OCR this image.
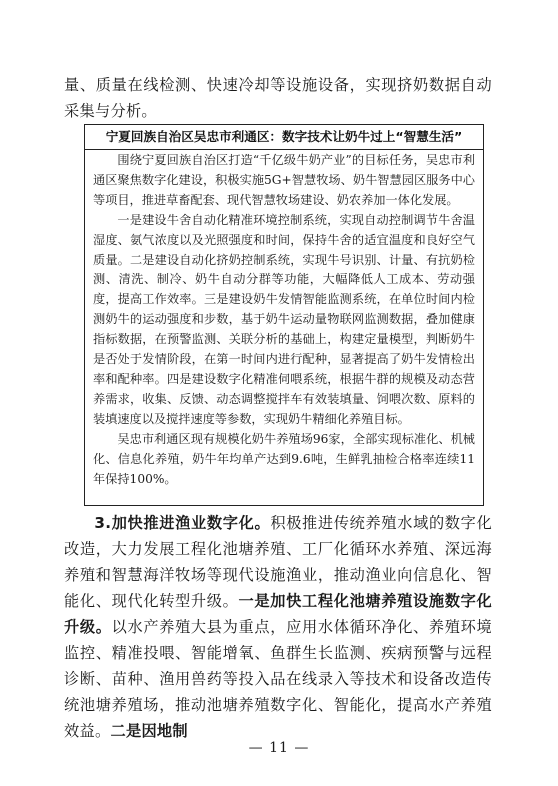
量、质量在线检测、快速冷却等设施设备，实现挤奶数据自动采集与分析。
宁夏回族自治区吴忠市利通区：数字技术让奶牛过上“智慧生活”

围绕宁夏回族自治区打造“千亿级牛奶产业”的目标任务，吴忠市利通区聚焦数字化建设，积极实施5G+智慧牧场、奶牛智慧园区服务中心等项目，推进草畜配套、现代智慧牧场建设、奶农养加一体化发展。

一是建设牛舍自动化精准环境控制系统，实现自动控制调节牛舍温湿度、氨气浓度以及光照强度和时间，保持牛舍的适宜温度和良好空气质量。二是建设自动化挤奶控制系统，实现牛号识别、计量、有抗奶检测、清洗、制冷、奶牛自动分群等功能，大幅降低人工成本、劳动强度，提高工作效率。三是建设奶牛发情智能监测系统，在单位时间内检测奶牛的运动强度和步数，基于奶牛运动量物联网监测数据，叠加健康指标数据，在预警监测、关联分析的基础上，构建定量模型，判断奶牛是否处于发情阶段，在第一时间内进行配种，显著提高了奶牛发情检出率和配种率。四是建设数字化精准伺喂系统，根据牛群的规模及动态营养需求，收集、反馈、动态调整搅拌车有效装填量、饲喂次数、原料的装填速度以及搅拌速度等参数，实现奶牛精细化养殖目标。

吴忠市利通区现有规模化奶牛养殖场96家，全部实现标准化、机械化、信息化养殖，奶牛年均单产达到9.6吨，生鲜乳抽检合格率连续11年保持100%。

3.加快推进渔业数字化。积极推进传统养殖水域的数字化改造，大力发展工程化池塘养殖、工厂化循环水养殖、深远海养殖和智慧海洋牧场等现代设施渔业，推动渔业向信息化、智能化、现代化转型升级。一是加快工程化池塘养殖设施数字化升级。以水产养殖大县为重点，应用水体循环净化、养殖环境监控、精准投喂、智能增氧、鱼群生长监测、疾病预警与远程诊断、苗种、渔用兽药等投入品在线录入等技术和设备改造传统池塘养殖场，推动池塘养殖数字化、智能化，提高水产养殖效益。二是因地制
— 11 —
